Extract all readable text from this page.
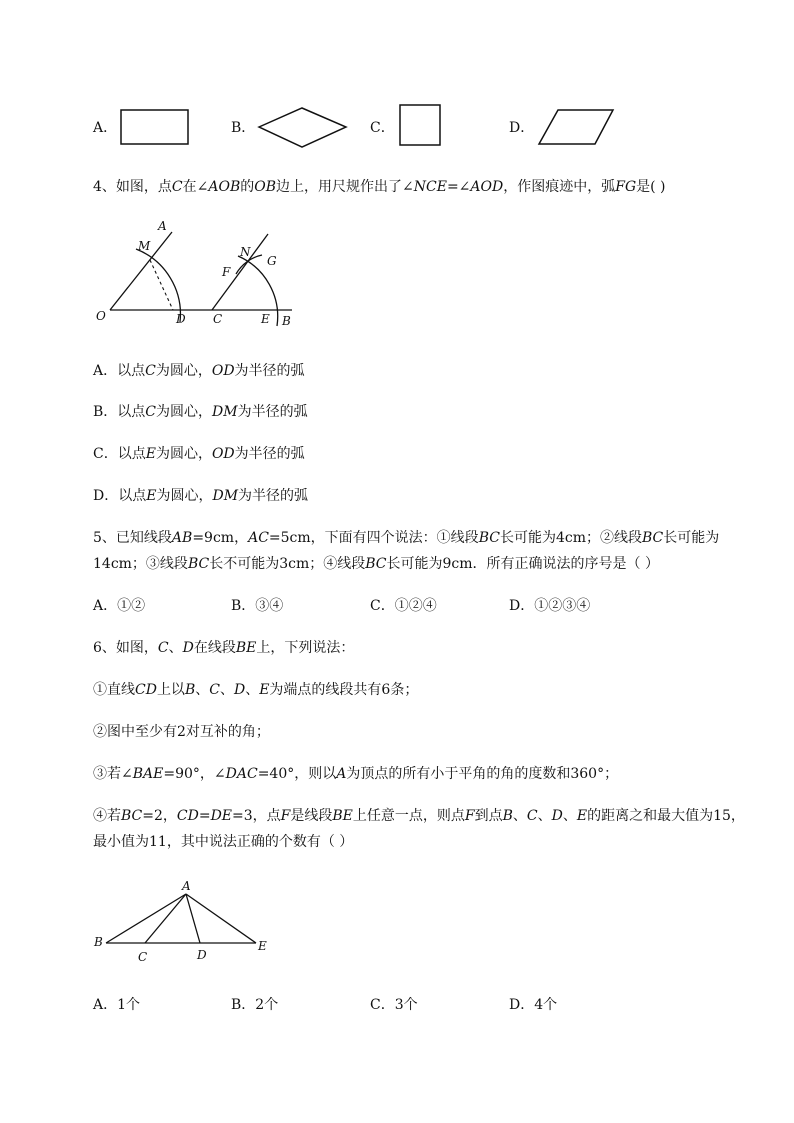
A．	B．	C．	D．
4、如图，点C在∠AOB的OB边上，用尺规作出了∠NCE=∠AOD，作图痕迹中，弧FG是( )
A
M
O	D C
N
G
F
E B
A．以点C为圆心，OD为半径的弧
B．以点C为圆心，DM为半径的弧
C．以点E为圆心，OD为半径的弧
D．以点E为圆心，DM为半径的弧
5、已知线段AB=9cm，AC=5cm，下面有四个说法：①线段BC长可能为4cm；②线段BC长可能为
14cm；③线段BC长不可能为3cm；④线段BC长可能为9cm．所有正确说法的序号是（ ）
A．①②	B．③④	C．①②④	D．①②③④
6、如图，C、D在线段BE上，下列说法：
①直线CD上以B、C、D、E为端点的线段共有6条；
②图中至少有2对互补的角；
③若∠BAE=90°，∠DAC=40°，则以A为顶点的所有小于平角的角的度数和360°；
④若BC=2，CD=DE=3，点F是线段BE上任意一点，则点F到点B、C、D、E的距离之和最大值为15，
最小值为11，其中说法正确的个数有（ ）
A
B
C	D
E
A．1个	B．2个	C．3个	D．4个
